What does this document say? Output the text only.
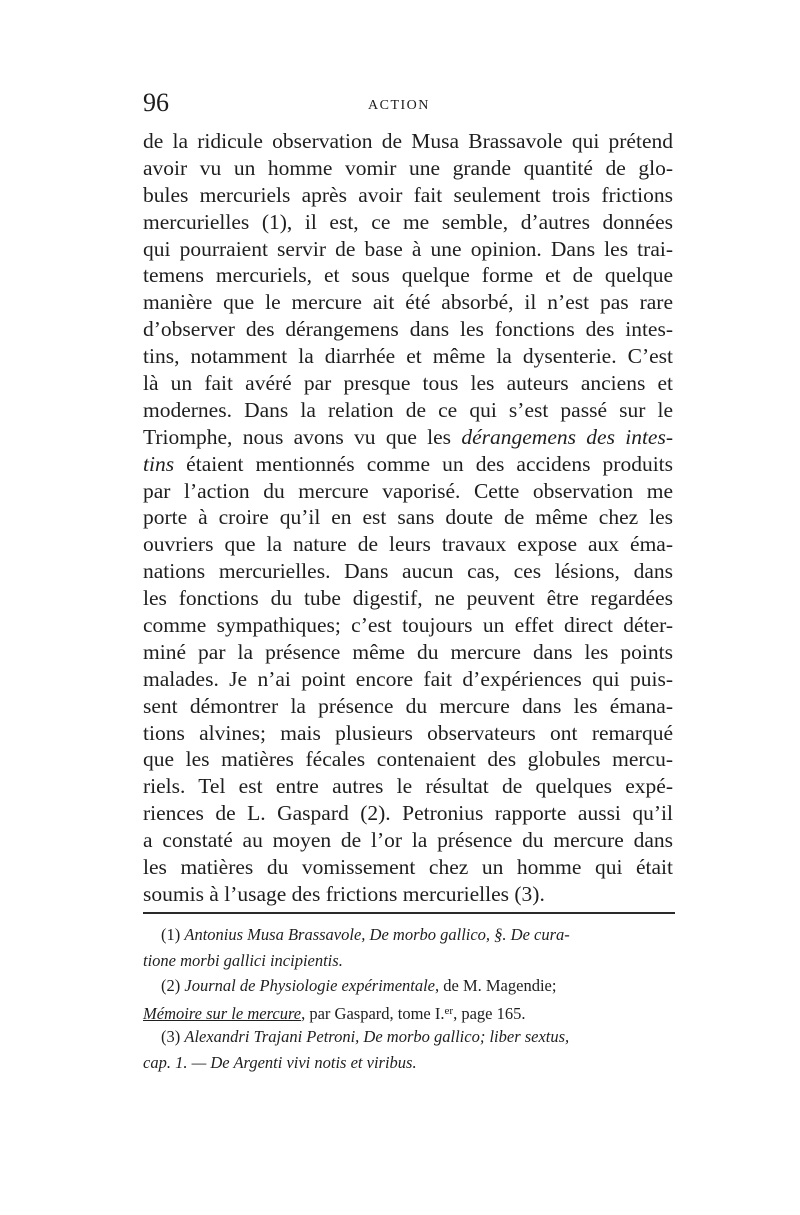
96	ACTION
de la ridicule observation de Musa Brassavole qui prétend
avoir vu un homme vomir une grande quantité de glo-
bules mercuriels après avoir fait seulement trois frictions
mercurielles (1), il est, ce me semble, d’autres données
qui pourraient servir de base à une opinion. Dans les trai-
temens mercuriels, et sous quelque forme et de quelque
manière que le mercure ait été absorbé, il n’est pas rare
d’observer des dérangemens dans les fonctions des intes-
tins, notamment la diarrhée et même la dysenterie. C’est
là un fait avéré par presque tous les auteurs anciens et
modernes. Dans la relation de ce qui s’est passé sur le
Triomphe, nous avons vu que les dérangemens des intes-
tins étaient mentionnés comme un des accidens produits
par l’action du mercure vaporisé. Cette observation me
porte à croire qu’il en est sans doute de même chez les
ouvriers que la nature de leurs travaux expose aux éma-
nations mercurielles. Dans aucun cas, ces lésions, dans
les fonctions du tube digestif, ne peuvent être regardées
comme sympathiques; c’est toujours un effet direct déter-
miné par la présence même du mercure dans les points
malades. Je n’ai point encore fait d’expériences qui puis-
sent démontrer la présence du mercure dans les émana-
tions alvines; mais plusieurs observateurs ont remarqué
que les matières fécales contenaient des globules mercu-
riels. Tel est entre autres le résultat de quelques expé-
riences de L. Gaspard (2). Petronius rapporte aussi qu’il
a constaté au moyen de l’or la présence du mercure dans
les matières du vomissement chez un homme qui était
soumis à l’usage des frictions mercurielles (3).
(1) Antonius Musa Brassavole, De morbo gallico, §. De cura-
tione morbi gallici incipientis.
(2) Journal de Physiologie expérimentale, de M. Magendie;
Mémoire sur le mercure, par Gaspard, tome I.$^{er}$, page 165.
(3) Alexandri Trajani Petroni, De morbo gallico; liber sextus,
cap. 1. — De Argenti vivi notis et viribus.
